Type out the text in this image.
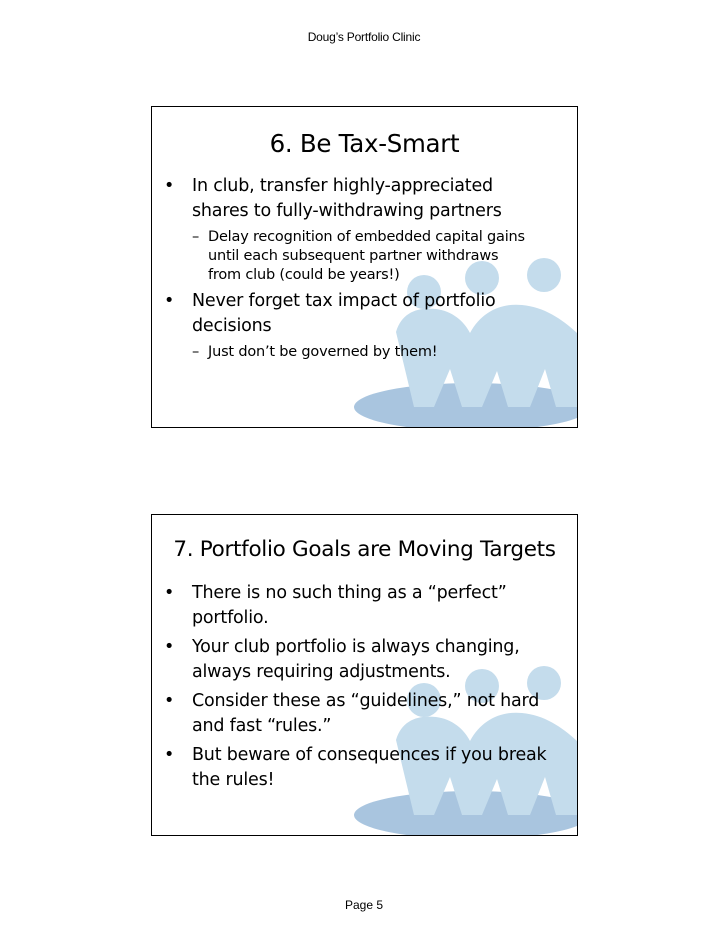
Doug’s Portfolio Clinic
6. Be Tax-Smart
• In club, transfer highly-appreciated
shares to fully-withdrawing partners
– Delay recognition of embedded capital gains
until each subsequent partner withdraws
from club (could be years!)
• Never forget tax impact of portfolio
decisions
– Just don’t be governed by them!
7. Portfolio Goals are Moving Targets
• There is no such thing as a “perfect”
portfolio.
• Your club portfolio is always changing,
always requiring adjustments.
• Consider these as “guidelines,” not hard
and fast “rules.”
• But beware of consequences if you break
the rules!
Page 5
